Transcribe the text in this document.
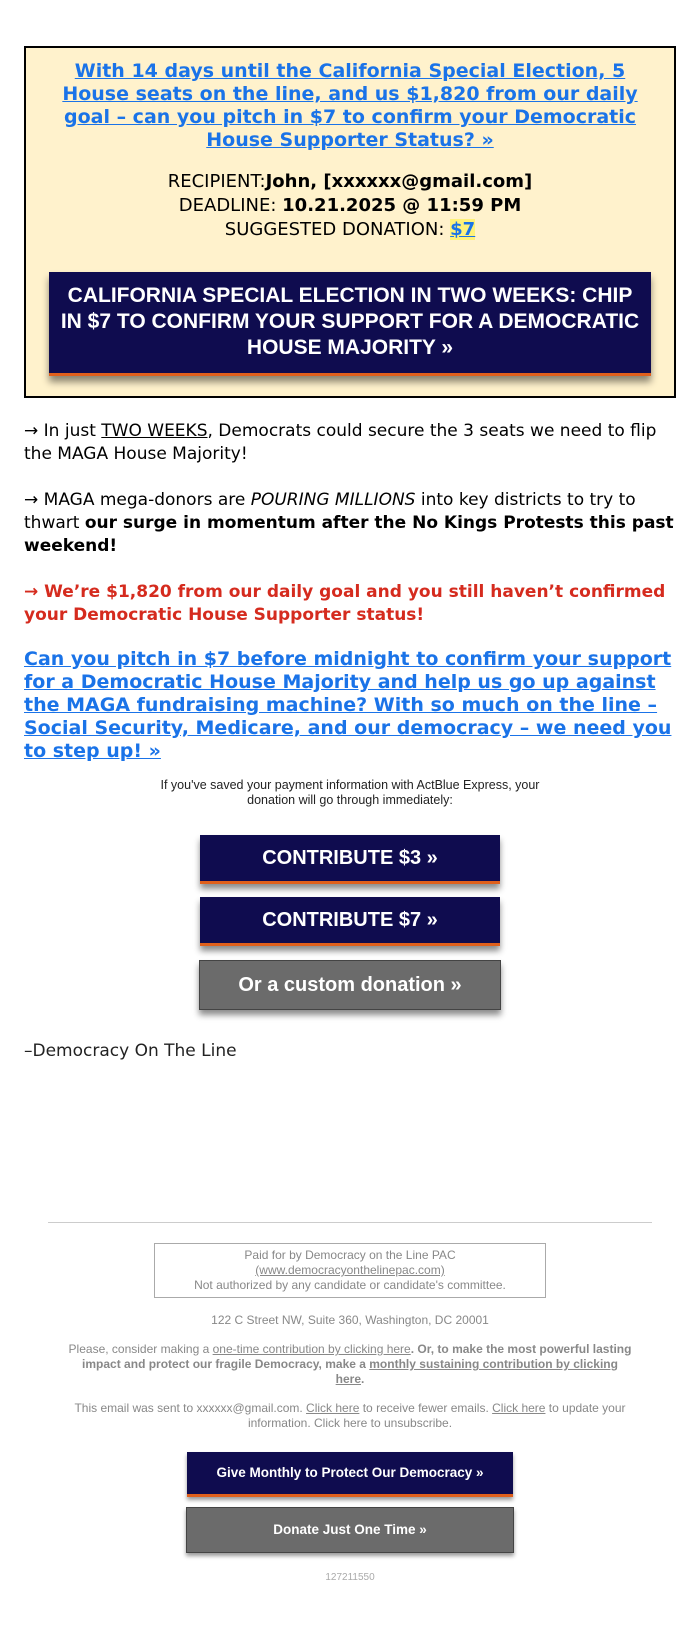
With 14 days until the California Special Election, 5 House seats on the line, and us $1,820 from our daily goal – can you pitch in $7 to confirm your Democratic House Supporter Status? »
RECIPIENT:John, [xxxxxx@gmail.com]
DEADLINE: 10.21.2025 @ 11:59 PM
SUGGESTED DONATION: $7
CALIFORNIA SPECIAL ELECTION IN TWO WEEKS: CHIP IN $7 TO CONFIRM YOUR SUPPORT FOR A DEMOCRATIC HOUSE MAJORITY »

→ In just TWO WEEKS, Democrats could secure the 3 seats we need to flip the MAGA House Majority!

→ MAGA mega-donors are POURING MILLIONS into key districts to try to thwart our surge in momentum after the No Kings Protests this past weekend!

→ We’re $1,820 from our daily goal and you still haven’t confirmed your Democratic House Supporter status!

Can you pitch in $7 before midnight to confirm your support for a Democratic House Majority and help us go up against the MAGA fundraising machine? With so much on the line – Social Security, Medicare, and our democracy – we need you to step up! »
If you've saved your payment information with ActBlue Express, your donation will go through immediately:
CONTRIBUTE $3 »
CONTRIBUTE $7 »
Or a custom donation »
–Democracy On The Line
Paid for by Democracy on the Line PAC
(www.democracyonthelinepac.com)
Not authorized by any candidate or candidate's committee.
122 C Street NW, Suite 360, Washington, DC 20001
Please, consider making a one-time contribution by clicking here. Or, to make the most powerful lasting impact and protect our fragile Democracy, make a monthly sustaining contribution by clicking here.
This email was sent to xxxxxx@gmail.com. Click here to receive fewer emails. Click here to update your information. Click here to unsubscribe.
Give Monthly to Protect Our Democracy »
Donate Just One Time »
127211550
